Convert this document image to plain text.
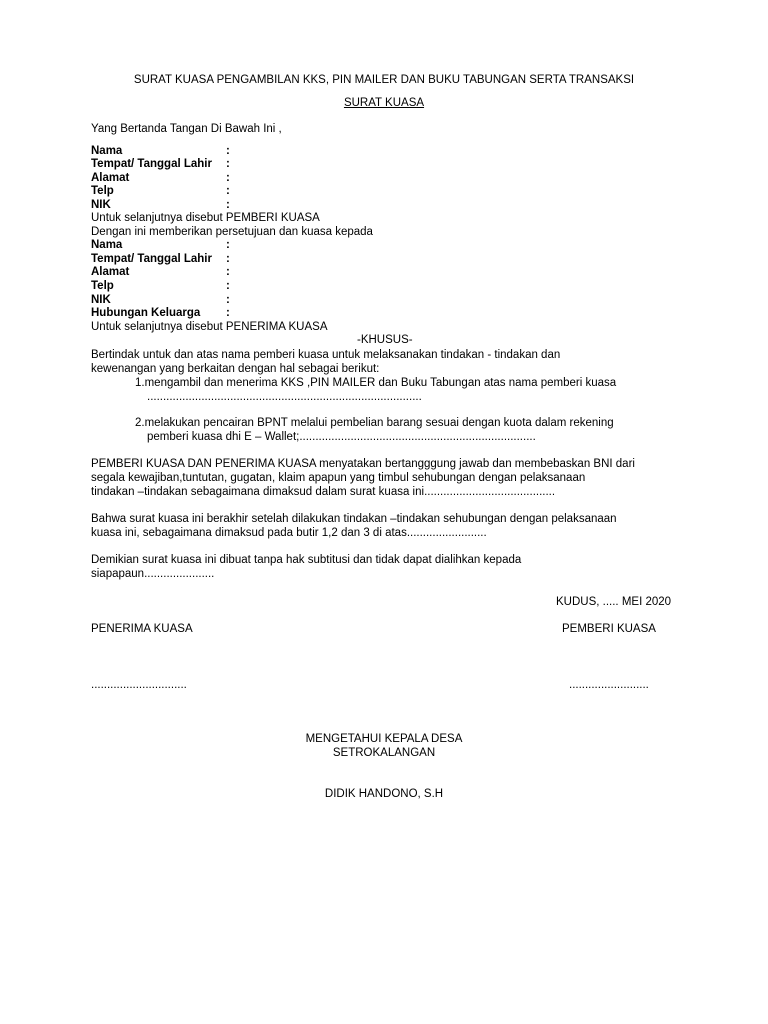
SURAT KUASA PENGAMBILAN KKS, PIN MAILER DAN BUKU TABUNGAN SERTA TRANSAKSI
SURAT KUASA
Yang Bertanda Tangan Di Bawah Ini ,
Nama	:
Tempat/ Tanggal Lahir :
Alamat	:
Telp	:
NIK	:
Untuk selanjutnya disebut PEMBERI KUASA
Dengan ini memberikan persetujuan dan kuasa kepada
Nama	:
Tempat/ Tanggal Lahir :
Alamat	:
Telp	:
NIK	:
Hubungan Keluarga :
Untuk selanjutnya disebut PENERIMA KUASA
-KHUSUS-
Bertindak untuk dan atas nama pemberi kuasa untuk melaksanakan tindakan - tindakan dan
kewenangan yang berkaitan dengan hal sebagai berikut:
1.mengambil dan menerima KKS ,PIN MAILER dan Buku Tabungan atas nama pemberi kuasa
......................................................................................
2.melakukan pencairan BPNT melalui pembelian barang sesuai dengan kuota dalam rekening
pemberi kuasa dhi E – Wallet;..........................................................................
PEMBERI KUASA DAN PENERIMA KUASA menyatakan bertangggung jawab dan membebaskan BNI dari
segala kewajiban,tuntutan, gugatan, klaim apapun yang timbul sehubungan dengan pelaksanaan
tindakan –tindakan sebagaimana dimaksud dalam surat kuasa ini.........................................
Bahwa surat kuasa ini berakhir setelah dilakukan tindakan –tindakan sehubungan dengan pelaksanaan
kuasa ini, sebagaimana dimaksud pada butir 1,2 dan 3 di atas.........................
Demikian surat kuasa ini dibuat tanpa hak subtitusi dan tidak dapat dialihkan kepada
siapapaun......................
KUDUS, ..... MEI 2020
PENERIMA KUASA	PEMBERI KUASA
..............................	.........................
MENGETAHUI KEPALA DESA
SETROKALANGAN
DIDIK HANDONO, S.H
